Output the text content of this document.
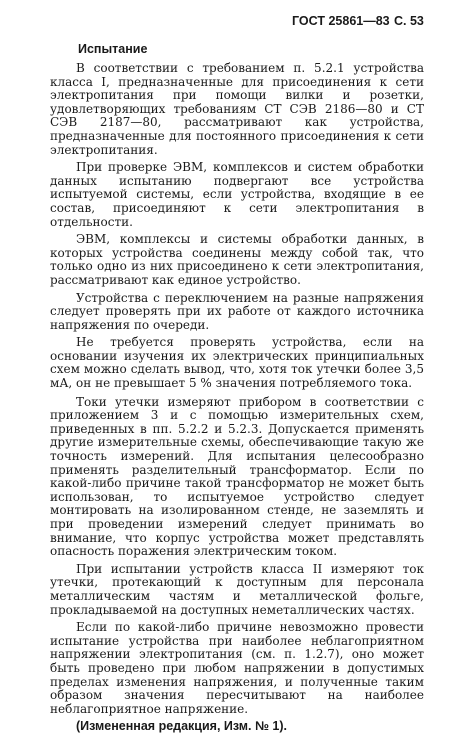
ГОСТ 25861—83 С. 53
Испытание

В соответствии с требованием п. 5.2.1 устройства класса I, предназначенные для присоединения к сети электропитания при помощи вилки и розетки, удовлетворяющих требованиям СТ СЭВ 2186—80 и СТ СЭВ 2187—80, рассматривают как устройства, предназначенные для постоянного присоединения к сети электропитания.

При проверке ЭВМ, комплексов и систем обработки данных испытанию подвергают все устройства испытуемой системы, если устройства, входящие в ее состав, присоединяют к сети электропитания в отдельности.

ЭВМ, комплексы и системы обработки данных, в которых устройства соединены между собой так, что только одно из них присоединено к сети электропитания, рассматривают как единое устройство.

Устройства с переключением на разные напряжения следует проверять при их работе от каждого источника напряжения по очереди.

Не требуется проверять устройства, если на основании изучения их электрических принципиальных схем можно сделать вывод, что, хотя ток утечки более 3,5 мА, он не превышает 5 % значения потребляемого тока.

Токи утечки измеряют прибором в соответствии с приложением 3 и с помощью измерительных схем, приведенных в пп. 5.2.2 и 5.2.3. Допускается применять другие измерительные схемы, обеспечивающие такую же точность измерений. Для испытания целесообразно применять разделительный трансформатор. Если по какой-либо причине такой трансформатор не может быть использован, то испытуемое устройство следует монтировать на изолированном стенде, не заземлять и при проведении измерений следует принимать во внимание, что корпус устройства может представлять опасность поражения электрическим током.

При испытании устройств класса II измеряют ток утечки, протекающий к доступным для персонала металлическим частям и металлической фольге, прокладываемой на доступных неметаллических частях.

Если по какой-либо причине невозможно провести испытание устройства при наиболее неблагоприятном напряжении электропитания (см. п. 1.2.7), оно может быть проведено при любом напряжении в допустимых пределах изменения напряжения, и полученные таким образом значения пересчитывают на наиболее неблагоприятное напряжение.

(Измененная редакция, Изм. № 1).
